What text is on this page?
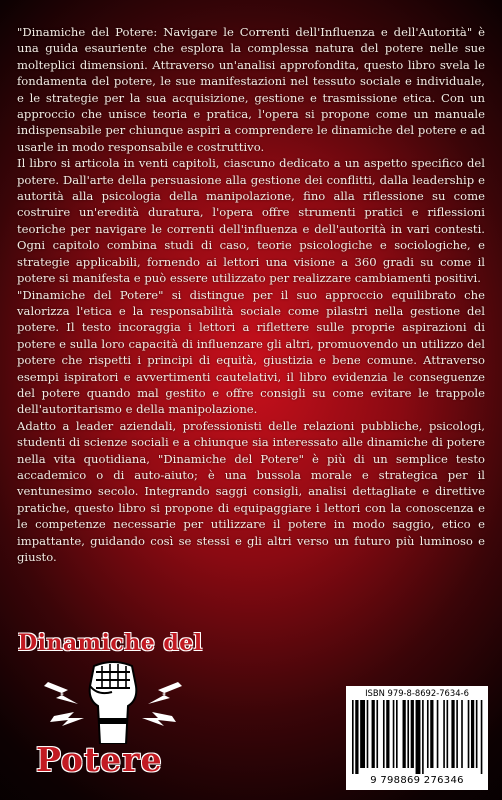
"Dinamiche del Potere: Navigare le Correnti dell'Influenza e dell'Autorità" è una guida esauriente che esplora la complessa natura del potere nelle sue molteplici dimensioni. Attraverso un'analisi approfondita, questo libro svela le fondamenta del potere, le sue manifestazioni nel tessuto sociale e individuale, e le strategie per la sua acquisizione, gestione e trasmissione etica. Con un approccio che unisce teoria e pratica, l'opera si propone come un manuale indispensabile per chiunque aspiri a comprendere le dinamiche del potere e ad usarle in modo responsabile e costruttivo.

Il libro si articola in venti capitoli, ciascuno dedicato a un aspetto specifico del potere. Dall'arte della persuasione alla gestione dei conflitti, dalla leadership e autorità alla psicologia della manipolazione, fino alla riflessione su come costruire un'eredità duratura, l'opera offre strumenti pratici e riflessioni teoriche per navigare le correnti dell'influenza e dell'autorità in vari contesti. Ogni capitolo combina studi di caso, teorie psicologiche e sociologiche, e strategie applicabili, fornendo ai lettori una visione a 360 gradi su come il potere si manifesta e può essere utilizzato per realizzare cambiamenti positivi.

"Dinamiche del Potere" si distingue per il suo approccio equilibrato che valorizza l'etica e la responsabilità sociale come pilastri nella gestione del potere. Il testo incoraggia i lettori a riflettere sulle proprie aspirazioni di potere e sulla loro capacità di influenzare gli altri, promuovendo un utilizzo del potere che rispetti i principi di equità, giustizia e bene comune. Attraverso esempi ispiratori e avvertimenti cautelativi, il libro evidenzia le conseguenze del potere quando mal gestito e offre consigli su come evitare le trappole dell'autoritarismo e della manipolazione.

Adatto a leader aziendali, professionisti delle relazioni pubbliche, psicologi, studenti di scienze sociali e a chiunque sia interessato alle dinamiche di potere nella vita quotidiana, "Dinamiche del Potere" è più di un semplice testo accademico o di auto-aiuto; è una bussola morale e strategica per il ventunesimo secolo. Integrando saggi consigli, analisi dettagliate e direttive pratiche, questo libro si propone di equipaggiare i lettori con la conoscenza e le competenze necessarie per utilizzare il potere in modo saggio, etico e impattante, guidando così se stessi e gli altri verso un futuro più luminoso e giusto.

Dinamiche del
Potere
ISBN 979-8-8692-7634-6
9 798869 276346
